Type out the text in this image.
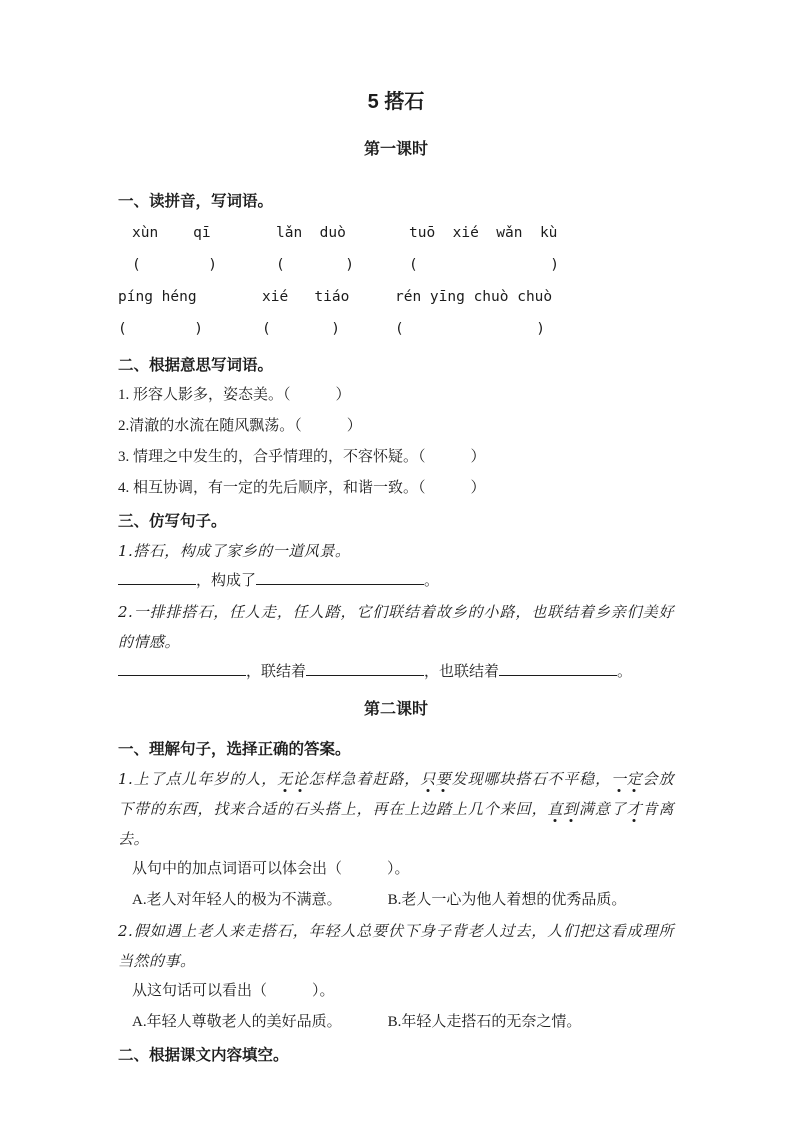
5 搭石
第一课时
一、读拼音，写词语。
xùn    qī	lǎn  duò	tuō  xié  wǎn  kù
(	)	(	)	(	)
píng héng	xié   tiáo	rén yīng chuò chuò
(	)	(	)	(	)
二、根据意思写词语。
1. 形容人影多，姿态美。（　　　）
2.清澈的水流在随风飘荡。（　　　）
3. 情理之中发生的，合乎情理的，不容怀疑。（　　　）
4. 相互协调，有一定的先后顺序，和谐一致。（　　　）
三、仿写句子。
1.搭石，构成了家乡的一道风景。
，构成了	。
2.一排排搭石，任人走，任人踏，它们联结着故乡的小路，也联结着乡亲们美好的情感。
，联结着	，也联结着	。
第二课时
一、理解句子，选择正确的答案。
1.上了点儿年岁的人，无论怎样急着赶路，只要发现哪块搭石不平稳，一定会放下带的东西，找来合适的石头搭上，再在上边踏上几个来回，直到满意了才肯离去。
从句中的加点词语可以体会出（　　　）。
A.老人对年轻人的极为不满意。	B.老人一心为他人着想的优秀品质。
2.假如遇上老人来走搭石，年轻人总要伏下身子背老人过去，人们把这看成理所当然的事。
从这句话可以看出（　　　）。
A.年轻人尊敬老人的美好品质。	B.年轻人走搭石的无奈之情。
二、根据课文内容填空。
